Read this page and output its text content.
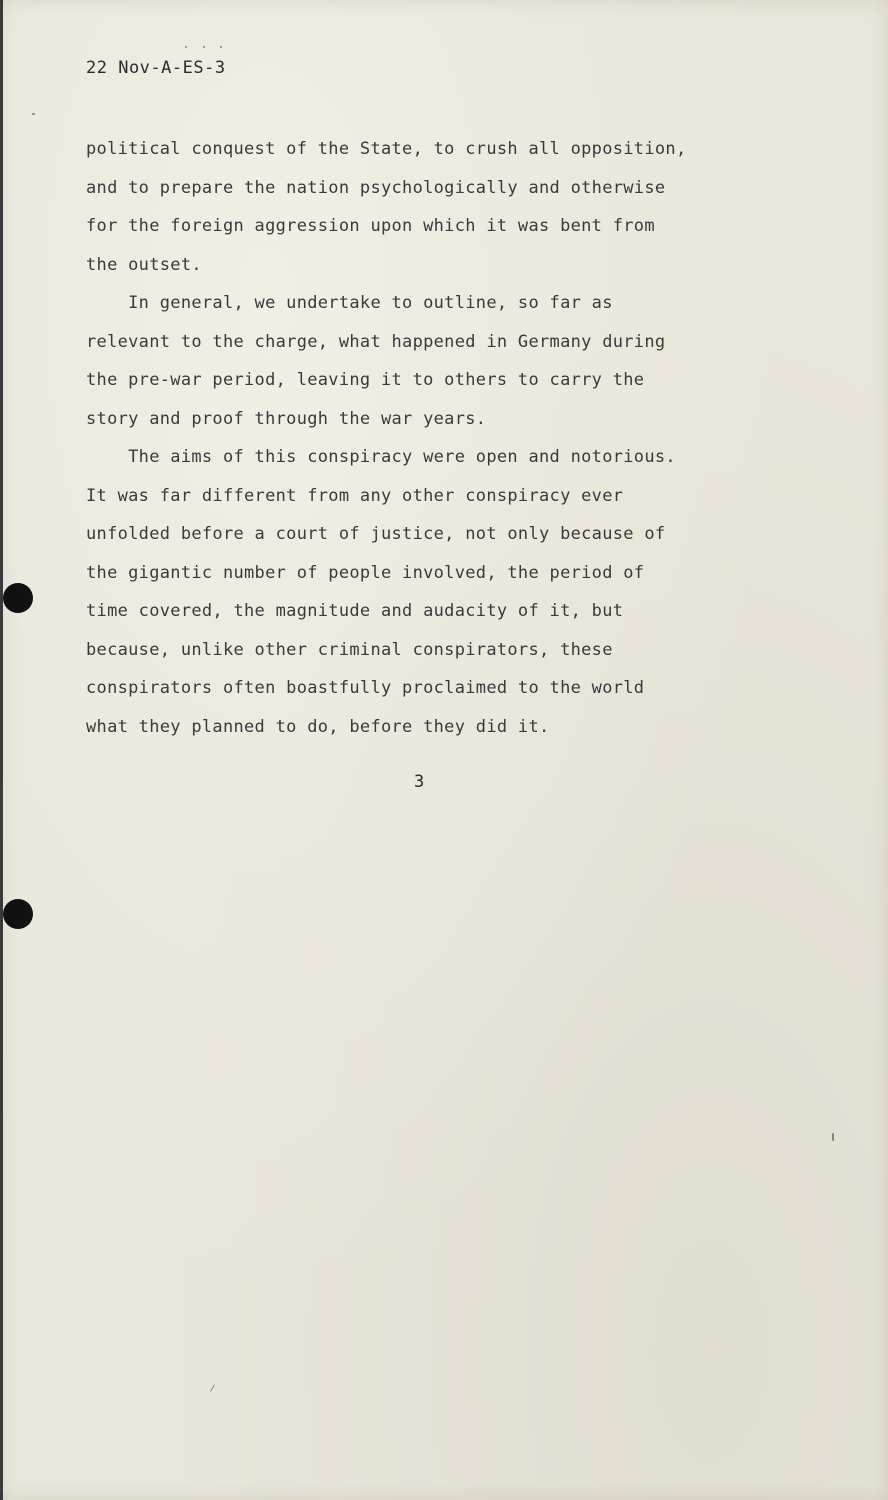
22 Nov-A-ES-3
political conquest of the State, to crush all opposition,
and to prepare the nation psychologically and otherwise
for the foreign aggression upon which it was bent from
the outset.
In general, we undertake to outline, so far as
relevant to the charge, what happened in Germany during
the pre-war period, leaving it to others to carry the
story and proof through the war years.
The aims of this conspiracy were open and notorious.
It was far different from any other conspiracy ever
unfolded before a court of justice, not only because of
the gigantic number of people involved, the period of
time covered, the magnitude and audacity of it, but
because, unlike other criminal conspirators, these
conspirators often boastfully proclaimed to the world
what they planned to do, before they did it.
3
